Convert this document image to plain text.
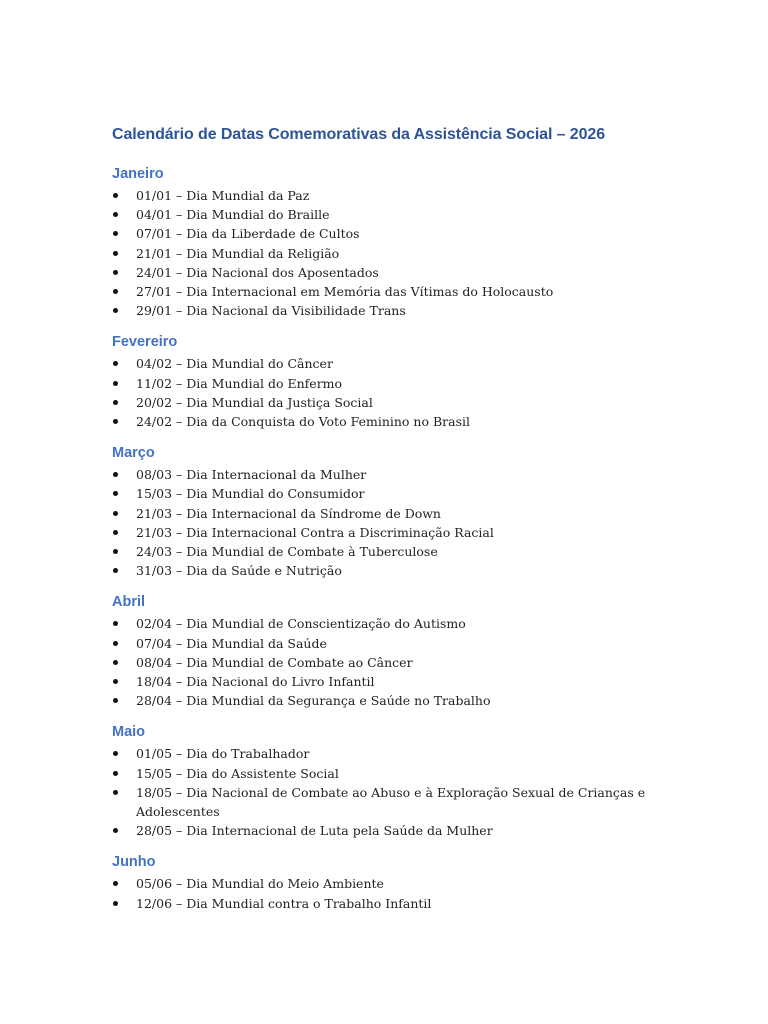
Calendário de Datas Comemorativas da Assistência Social – 2026
Janeiro
01/01 – Dia Mundial da Paz
04/01 – Dia Mundial do Braille
07/01 – Dia da Liberdade de Cultos
21/01 – Dia Mundial da Religião
24/01 – Dia Nacional dos Aposentados
27/01 – Dia Internacional em Memória das Vítimas do Holocausto
29/01 – Dia Nacional da Visibilidade Trans
Fevereiro
04/02 – Dia Mundial do Câncer
11/02 – Dia Mundial do Enfermo
20/02 – Dia Mundial da Justiça Social
24/02 – Dia da Conquista do Voto Feminino no Brasil
Março
08/03 – Dia Internacional da Mulher
15/03 – Dia Mundial do Consumidor
21/03 – Dia Internacional da Síndrome de Down
21/03 – Dia Internacional Contra a Discriminação Racial
24/03 – Dia Mundial de Combate à Tuberculose
31/03 – Dia da Saúde e Nutrição
Abril
02/04 – Dia Mundial de Conscientização do Autismo
07/04 – Dia Mundial da Saúde
08/04 – Dia Mundial de Combate ao Câncer
18/04 – Dia Nacional do Livro Infantil
28/04 – Dia Mundial da Segurança e Saúde no Trabalho
Maio
01/05 – Dia do Trabalhador
15/05 – Dia do Assistente Social
18/05 – Dia Nacional de Combate ao Abuso e à Exploração Sexual de Crianças e Adolescentes
28/05 – Dia Internacional de Luta pela Saúde da Mulher
Junho
05/06 – Dia Mundial do Meio Ambiente
12/06 – Dia Mundial contra o Trabalho Infantil
